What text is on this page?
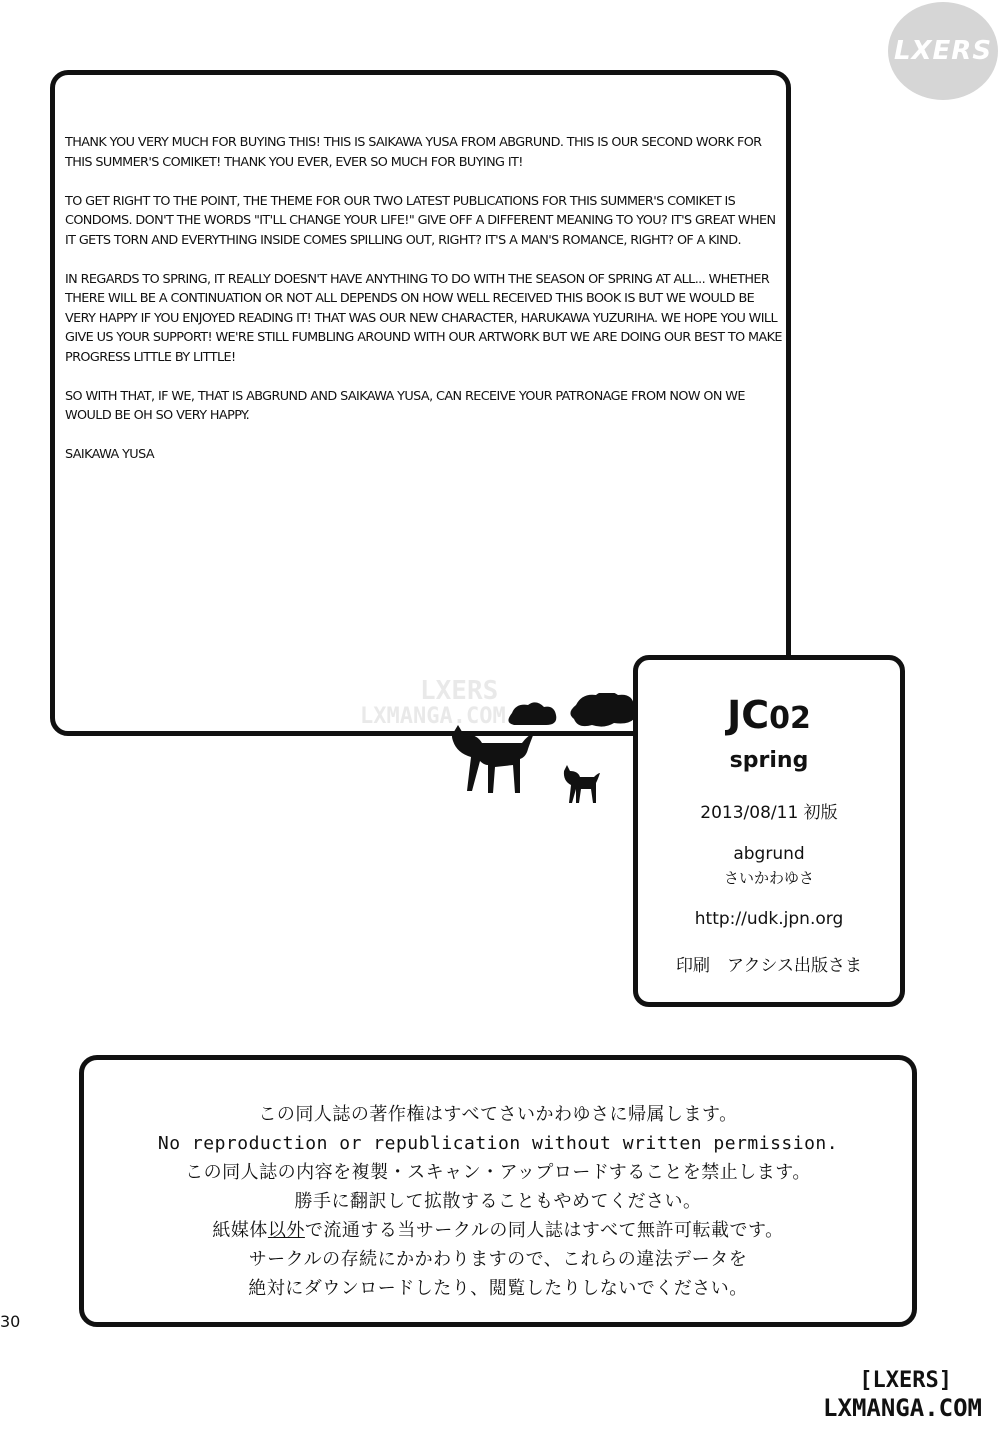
LXERS

THANK YOU VERY MUCH FOR BUYING THIS! THIS IS SAIKAWA YUSA FROM ABGRUND. THIS IS OUR SECOND WORK FOR THIS SUMMER'S COMIKET! THANK YOU EVER, EVER SO MUCH FOR BUYING IT!

TO GET RIGHT TO THE POINT, THE THEME FOR OUR TWO LATEST PUBLICATIONS FOR THIS SUMMER'S COMIKET IS CONDOMS. DON'T THE WORDS "IT'LL CHANGE YOUR LIFE!" GIVE OFF A DIFFERENT MEANING TO YOU? IT'S GREAT WHEN IT GETS TORN AND EVERYTHING INSIDE COMES SPILLING OUT, RIGHT? IT'S A MAN'S ROMANCE, RIGHT? OF A KIND.

IN REGARDS TO SPRING, IT REALLY DOESN'T HAVE ANYTHING TO DO WITH THE SEASON OF SPRING AT ALL... WHETHER THERE WILL BE A CONTINUATION OR NOT ALL DEPENDS ON HOW WELL RECEIVED THIS BOOK IS BUT WE WOULD BE VERY HAPPY IF YOU ENJOYED READING IT! THAT WAS OUR NEW CHARACTER, HARUKAWA YUZURIHA. WE HOPE YOU WILL GIVE US YOUR SUPPORT! WE'RE STILL FUMBLING AROUND WITH OUR ARTWORK BUT WE ARE DOING OUR BEST TO MAKE PROGRESS LITTLE BY LITTLE!

SO WITH THAT, IF WE, THAT IS ABGRUND AND SAIKAWA YUSA, CAN RECEIVE YOUR PATRONAGE FROM NOW ON WE WOULD BE OH SO VERY HAPPY.

SAIKAWA YUSA

JC02
spring
2013/08/11 初版
abgrund
さいかわゆさ
http://udk.jpn.org
印刷　アクシス出版さま
この同人誌の著作権はすべてさいかわゆさに帰属します。
No reproduction or republication without written permission.
この同人誌の内容を複製・スキャン・アップロードすることを禁止します。
勝手に翻訳して拡散することもやめてください。
紙媒体以外で流通する当サークルの同人誌はすべて無許可転載です。
サークルの存続にかかわりますので、これらの違法データを
絶対にダウンロードしたり、閲覧したりしないでください。
30
[LXERS]
LXMANGA.COM
